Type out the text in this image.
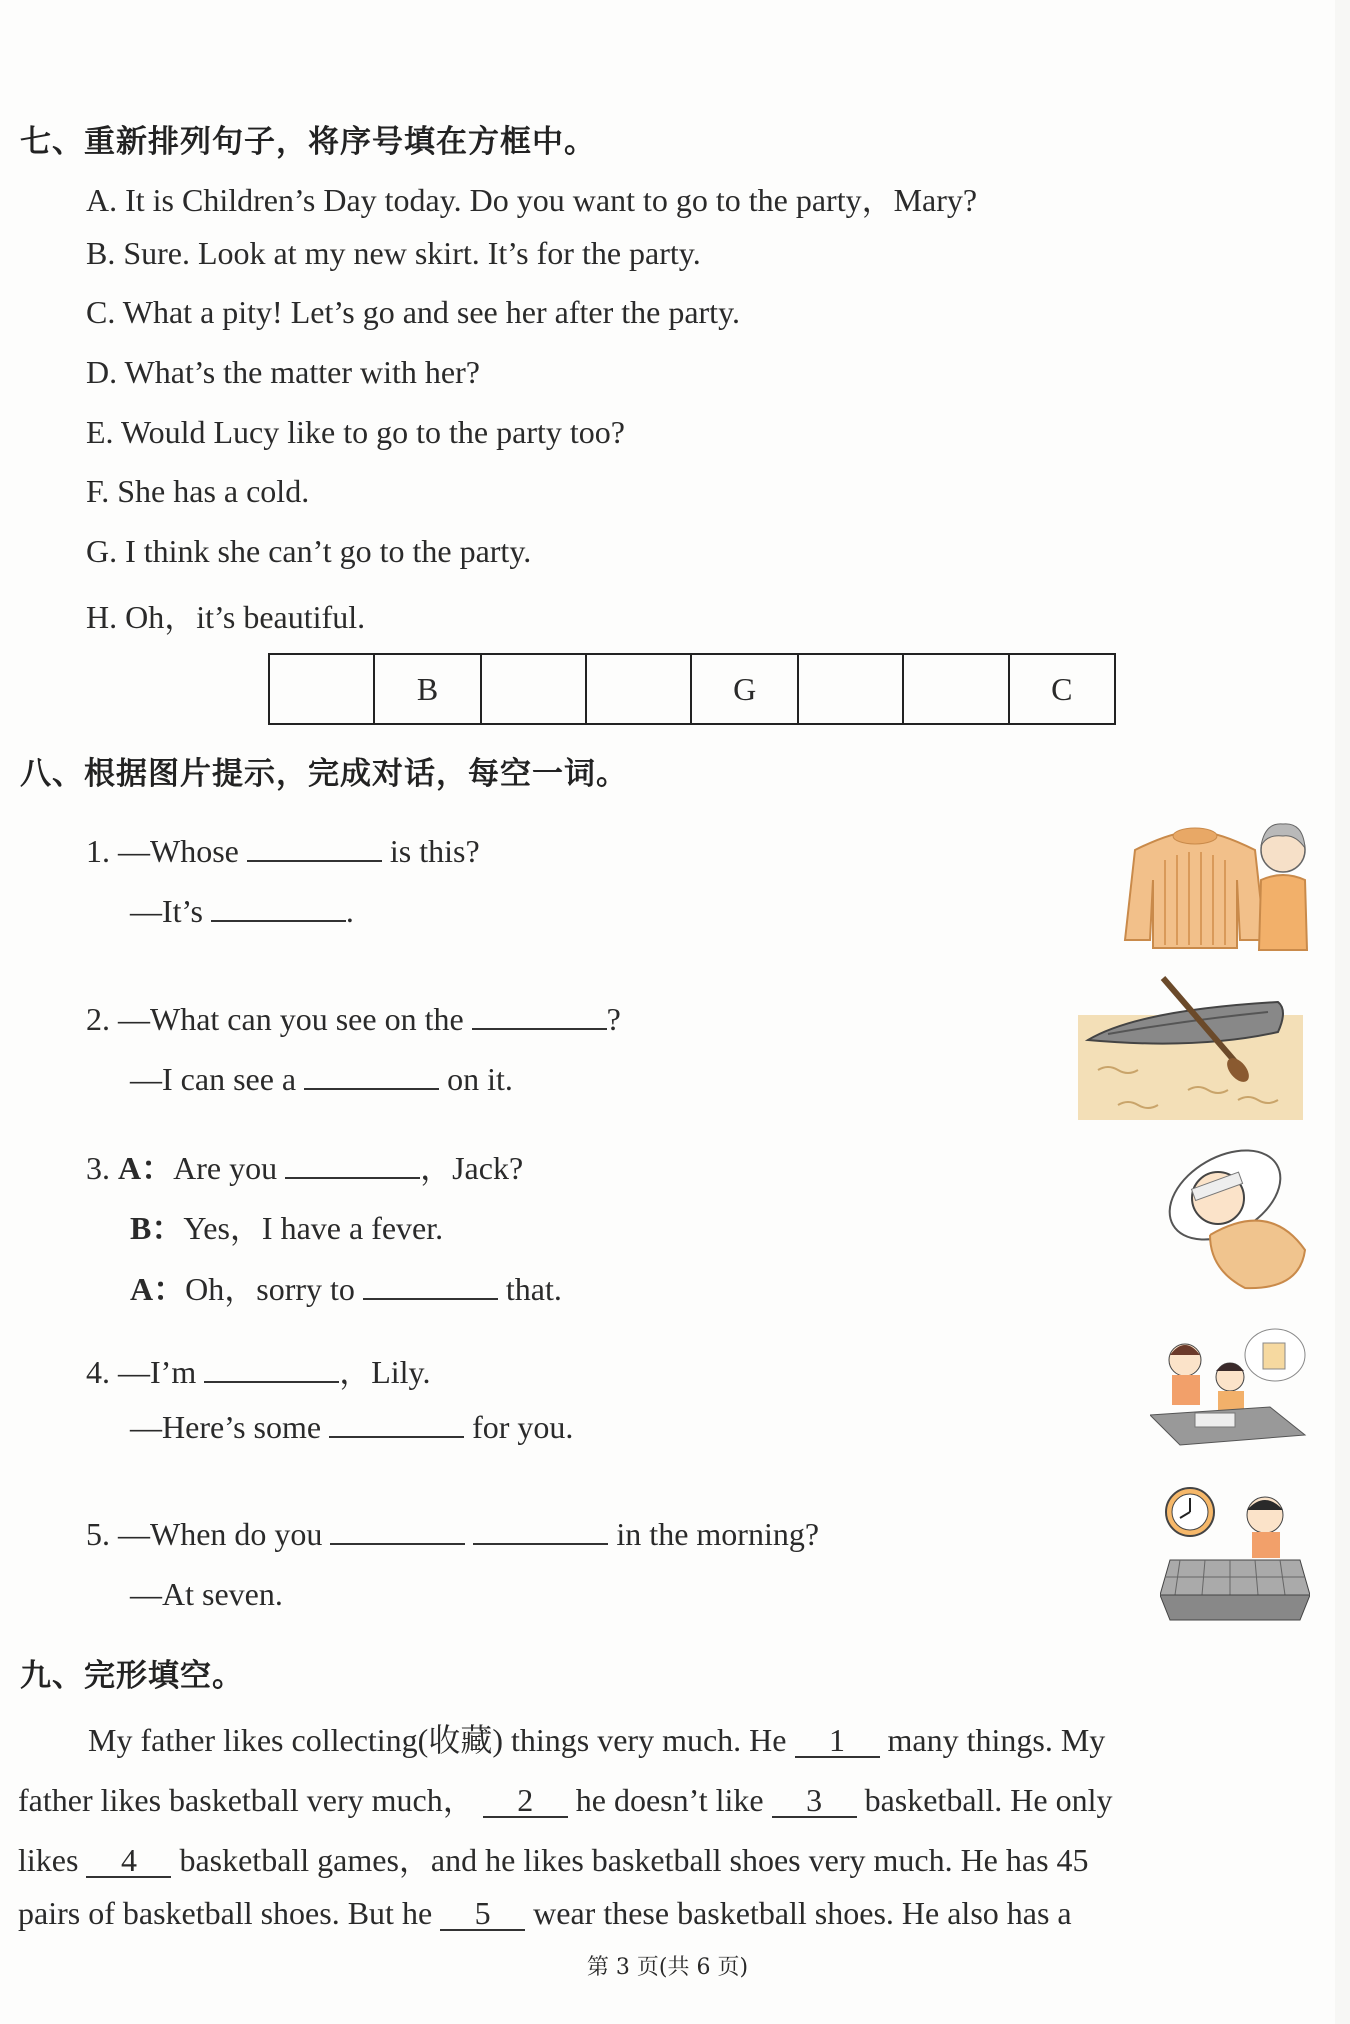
七、重新排列句子，将序号填在方框中。
A. It is Children’s Day today. Do you want to go to the party，Mary?
B. Sure. Look at my new skirt. It’s for the party.
C. What a pity! Let’s go and see her after the party.
D. What’s the matter with her?
E. Would Lucy like to go to the party too?
F. She has a cold.
G. I think she can’t go to the party.
H. Oh，it’s beautiful.
	B			G			C
八、根据图片提示，完成对话，每空一词。
1. —Whose	is this?
—It’s	.
2. —What can you see on the	?
—I can see a	on it.
3. A：Are you	，Jack?
B：Yes，I have a fever.
A：Oh，sorry to	that.
4. —I’m	，Lily.
—Here’s some	for you.
5. —When do you	in the morning?
—At seven.
九、完形填空。
My father likes collecting(收藏) things very much. He 1 many things. My
father likes basketball very much， 2 he doesn’t like 3 basketball. He only
likes 4 basketball games，and he likes basketball shoes very much. He has 45
pairs of basketball shoes. But he 5 wear these basketball shoes. He also has a
第 3 页(共 6 页)
